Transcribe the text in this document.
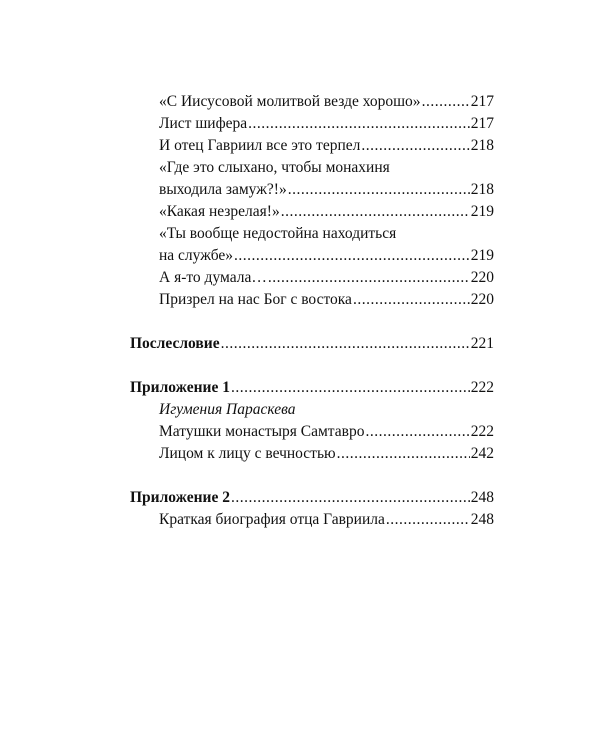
«С Иисусовой молитвой везде хорошо» .....	217
Лист шифера .....	217
И отец Гавриил все это терпел .....	218
«Где это слыхано, чтобы монахиня
выходила замуж?!» .....	218
«Какая незрелая!» .....	219
«Ты вообще недостойна находиться
на службе» .....	219
А я-то думала… .....	220
Призрел на нас Бог с востока .....	220
Послесловие .....	221
Приложение 1 .....	222
Игумения Параскева
Матушки монастыря Самтавро .....	222
Лицом к лицу с вечностью .....	242
Приложение 2 .....	248
Краткая биография отца Гавриила .....	248
